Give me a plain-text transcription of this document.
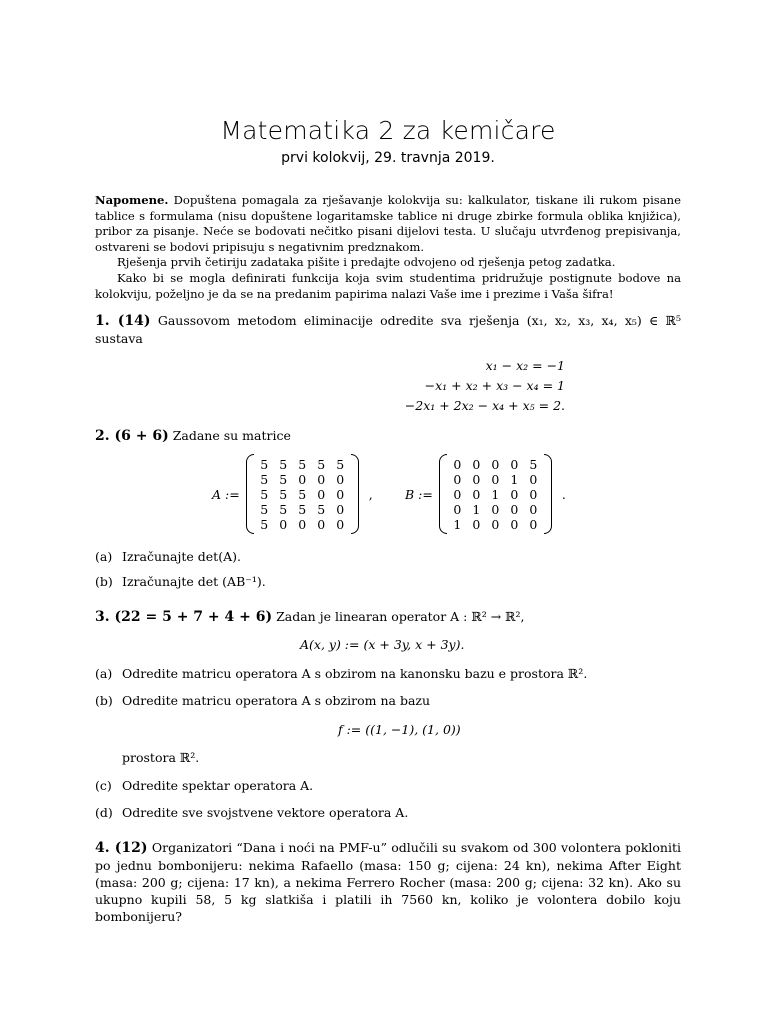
Matematika 2 za kemičare
prvi kolokvij, 29. travnja 2019.

Napomene. Dopuštena pomagala za rješavanje kolokvija su: kalkulator, tiskane ili rukom pisane tablice s formulama (nisu dopuštene logaritamske tablice ni druge zbirke formula oblika knjižica), pribor za pisanje. Neće se bodovati nečitko pisani dijelovi testa. U slučaju utvrđenog prepisivanja, ostvareni se bodovi pripisuju s negativnim predznakom.

Rješenja prvih četiriju zadataka pišite i predajte odvojeno od rješenja petog zadatka.

Kako bi se mogla definirati funkcija koja svim studentima pridružuje postignute bodove na kolokviju, poželjno je da se na predanim papirima nalazi Vaše ime i prezime i Vaša šifra!

1. (14) Gaussovom metodom eliminacije odredite sva rješenja (x₁, x₂, x₃, x₄, x₅) ∈ ℝ⁵ sustava
x₁ − x₂ = −1
−x₁ + x₂ + x₃ − x₄ = 1
−2x₁ + 2x₂ − x₄ + x₅ = 2.
2. (6 + 6) Zadane su matrice
A :=
5 5 5 5 5
5 5 0 0 0
5 5 5 0 0
5 5 5 5 0
5 0 0 0 0
,	B :=
0 0 0 0 5
0 0 0 1 0
0 0 1 0 0
0 1 0 0 0
1 0 0 0 0
.
(a) Izračunajte det(A).
(b) Izračunajte det (AB⁻¹).
3. (22 = 5 + 7 + 4 + 6) Zadan je linearan operator A : ℝ² → ℝ²,
A(x, y) := (x + 3y, x + 3y).
(a) Odredite matricu operatora A s obzirom na kanonsku bazu e prostora ℝ².
(b) Odredite matricu operatora A s obzirom na bazu
f := ((1, −1), (1, 0))
prostora ℝ².
(c) Odredite spektar operatora A.
(d) Odredite sve svojstvene vektore operatora A.
4. (12) Organizatori “Dana i noći na PMF-u” odlučili su svakom od 300 volontera pokloniti po jednu bombonijeru: nekima Rafaello (masa: 150 g; cijena: 24 kn), nekima After Eight (masa: 200 g; cijena: 17 kn), a nekima Ferrero Rocher (masa: 200 g; cijena: 32 kn). Ako su ukupno kupili 58, 5 kg slatkiša i platili ih 7560 kn, koliko je volontera dobilo koju bombonijeru?
